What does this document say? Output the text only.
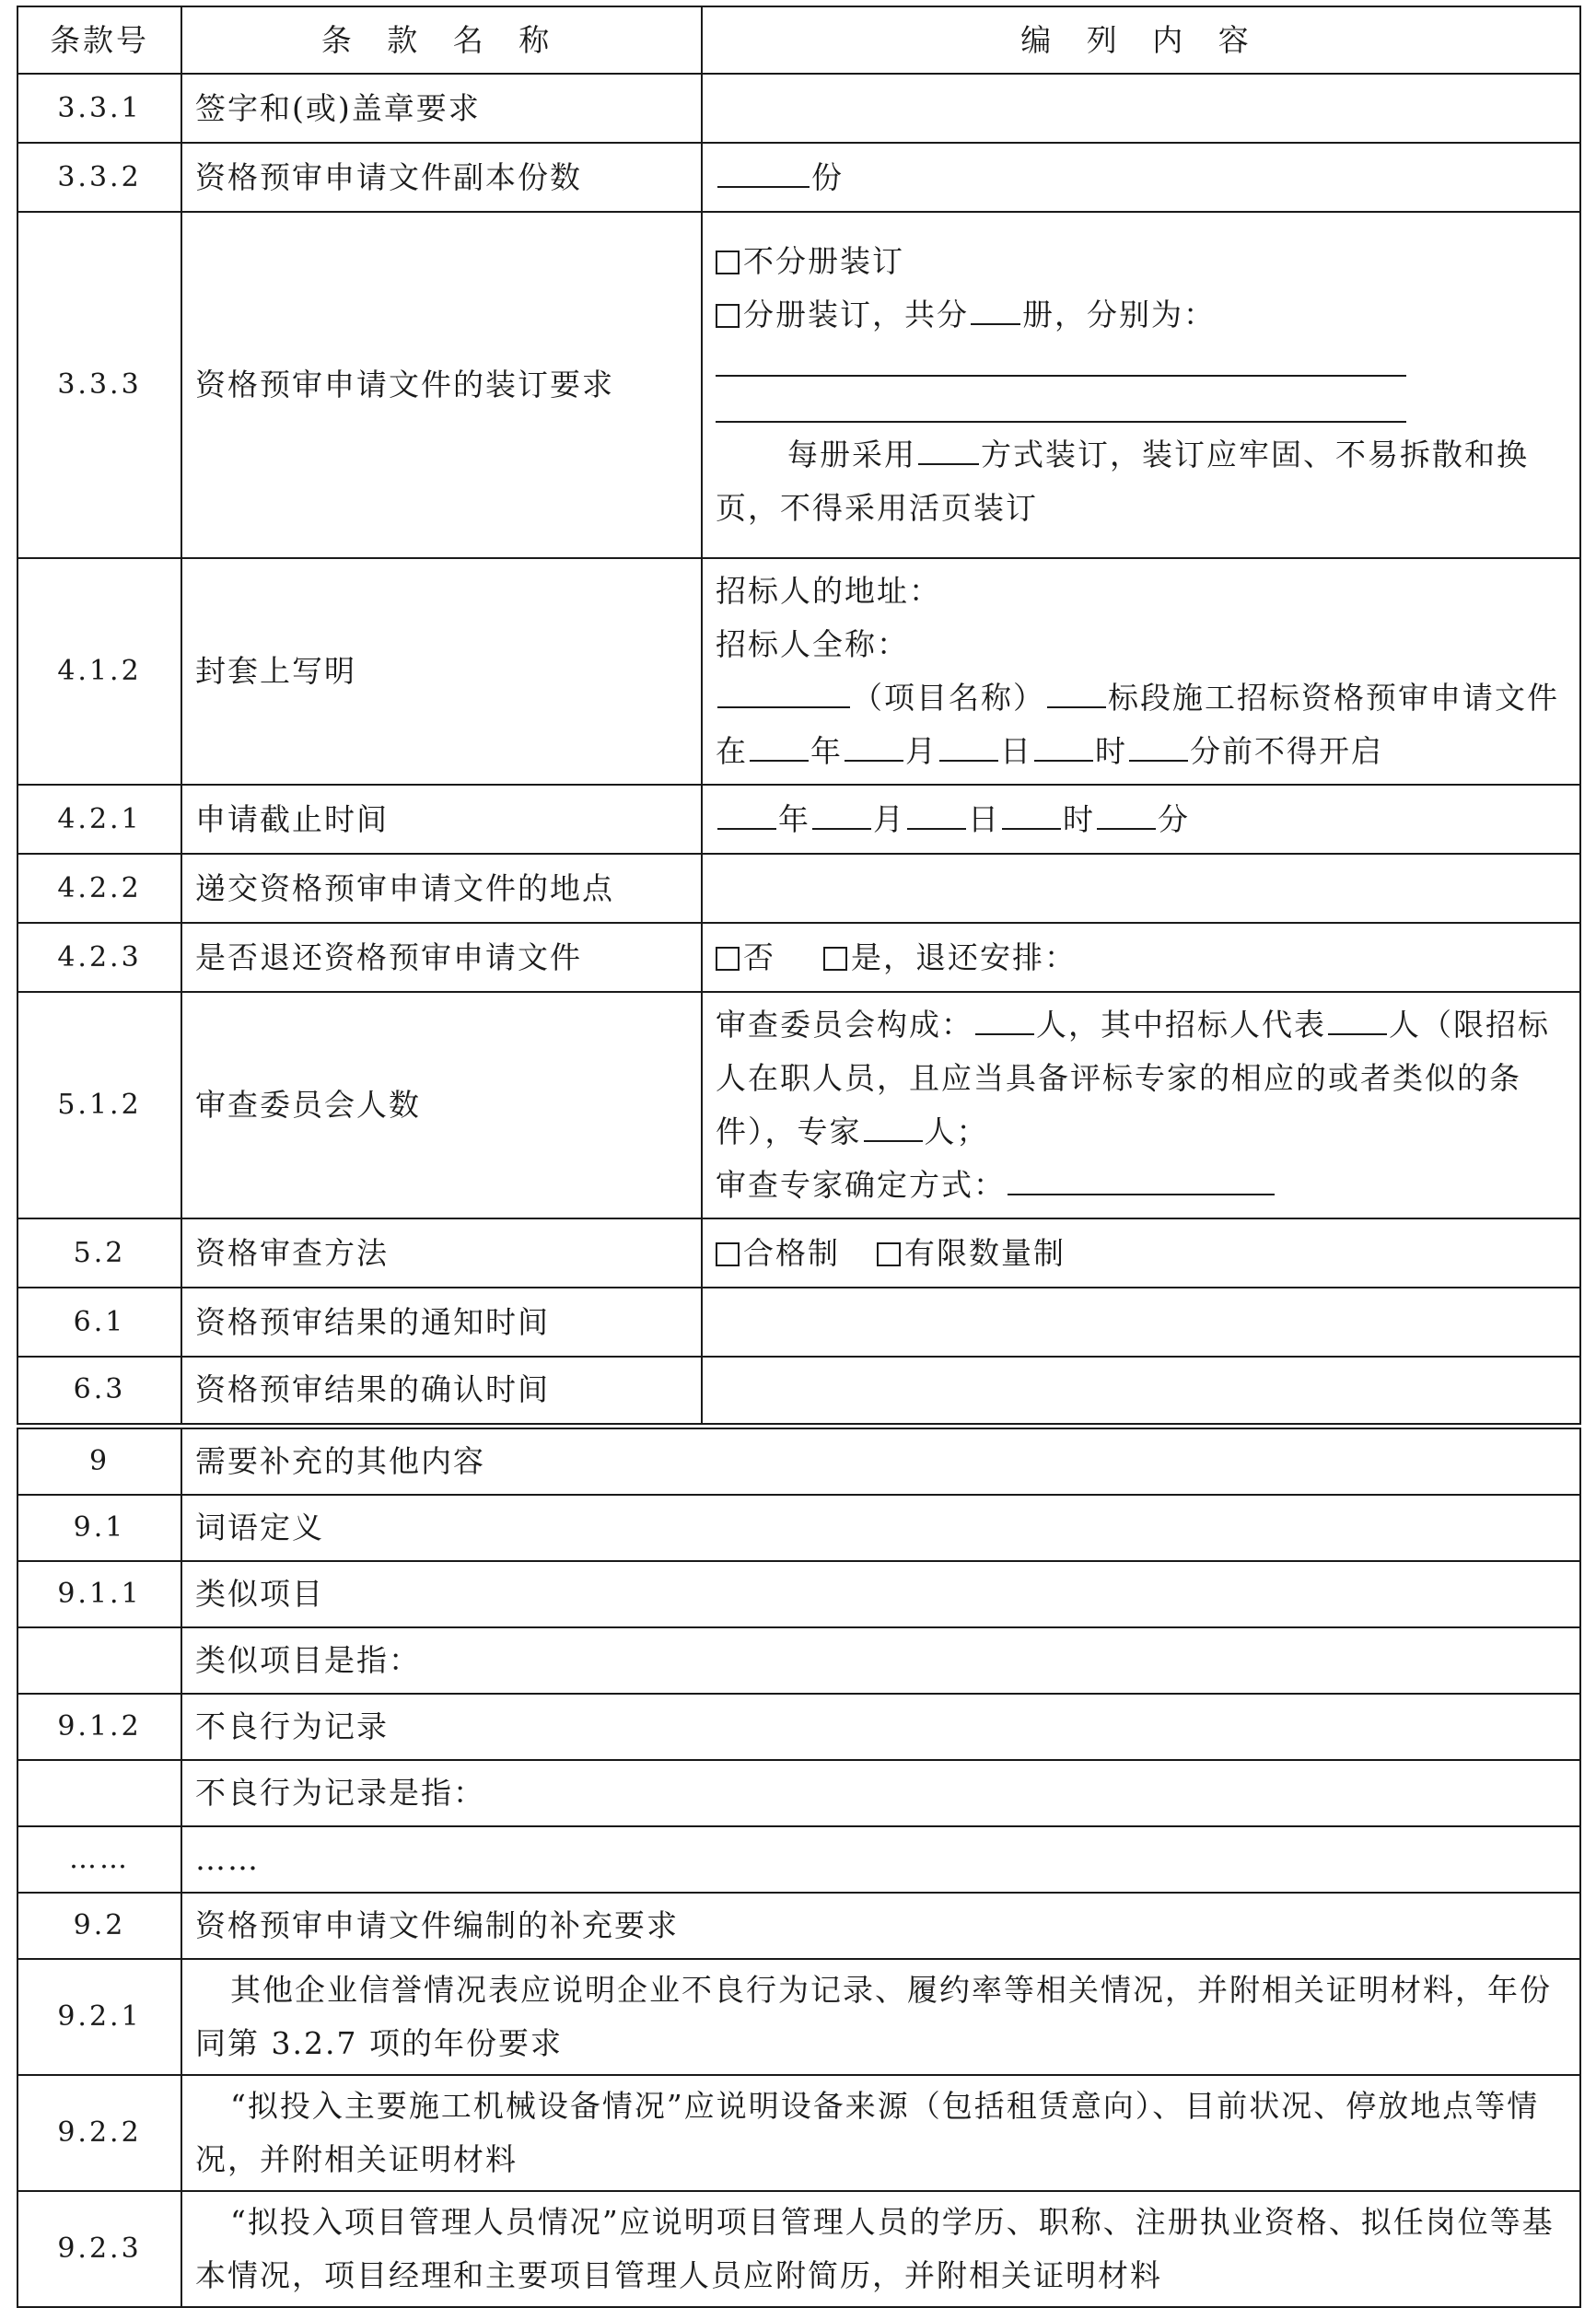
条款号	条 款 名 称	编 列 内 容
3.3.1	签字和(或)盖章要求	
3.3.2	资格预审申请文件副本份数	份
3.3.3	资格预审申请文件的装订要求	不分册装订
分册装订，共分 册，分别为：
每册采用 方式装订，装订应牢固、不易拆散和换页，不得采用活页装订

4.1.2	封套上写明	招标人的地址：
招标人全称：
（项目名称） 标段施工招标资格预审申请文件在 年 月 日 时 分前不得开启

4.2.1	申请截止时间	年 月 日 时 分
4.2.2	递交资格预审申请文件的地点	
4.2.3	是否退还资格预审申请文件	否 是，退还安排：
5.1.2	审查委员会人数	审查委员会构成： 人，其中招标人代表 人（限招标人在职人员，且应当具备评标专家的相应的或者类似的条件），专家 人；
审查专家确定方式：

5.2	资格审查方法	合格制 有限数量制
6.1	资格预审结果的通知时间	
6.3	资格预审结果的确认时间	
9	需要补充的其他内容	
9.1	词语定义	
9.1.1	类似项目	
	类似项目是指：	
9.1.2	不良行为记录	
	不良行为记录是指：	
……	……	
9.2	资格预审申请文件编制的补充要求	
9.2.1	其他企业信誉情况表应说明企业不良行为记录、履约率等相关情况，并附相关证明材料，年份同第 3.2.7 项的年份要求	
9.2.2	“拟投入主要施工机械设备情况”应说明设备来源（包括租赁意向）、目前状况、停放地点等情况，并附相关证明材料	
9.2.3	“拟投入项目管理人员情况”应说明项目管理人员的学历、职称、注册执业资格、拟任岗位等基本情况，项目经理和主要项目管理人员应附简历，并附相关证明材料	
